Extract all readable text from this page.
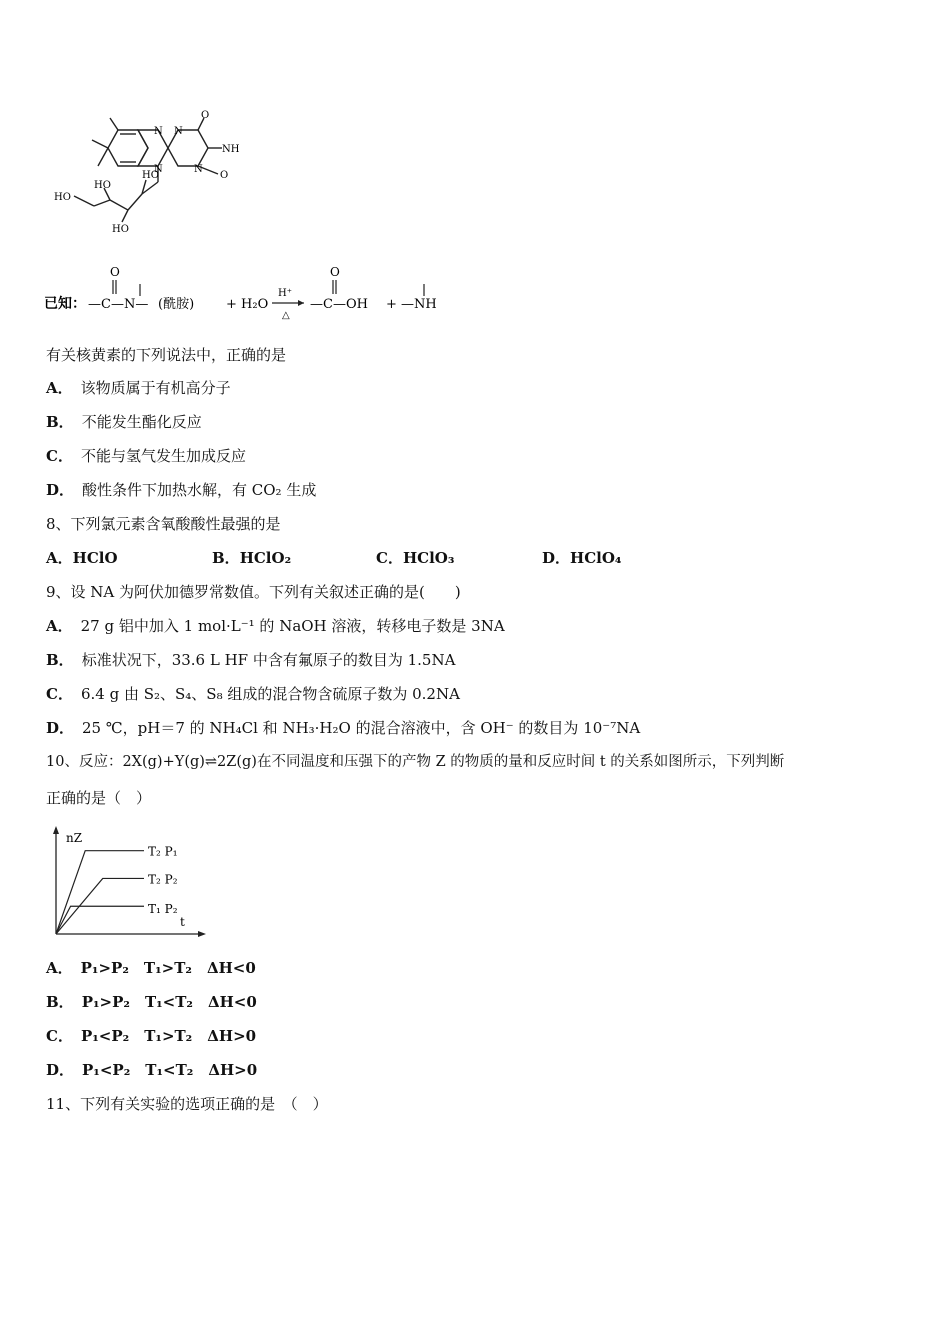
O
NH
N
N
N
N
O
HO
HO
HO
HO
已知：
O
—C—N— (酰胺) + H₂O
H⁺
△
O
—C—OH + —NH
有关核黄素的下列说法中，正确的是
A． 该物质属于有机高分子
B． 不能发生酯化反应
C． 不能与氢气发生加成反应
D． 酸性条件下加热水解，有 CO₂ 生成
8、下列氯元素含氧酸酸性最强的是
A．HClO	B．HClO₂	C．HClO₃	D．HClO₄
9、设 NA 为阿伏加德罗常数值。下列有关叙述正确的是(　　)
A． 27 g 铝中加入 1 mol·L⁻¹ 的 NaOH 溶液，转移电子数是 3NA
B． 标准状况下，33.6 L HF 中含有氟原子的数目为 1.5NA
C． 6.4 g 由 S₂、S₄、S₈ 组成的混合物含硫原子数为 0.2NA
D． 25 ℃，pH＝7 的 NH₄Cl 和 NH₃·H₂O 的混合溶液中，含 OH⁻ 的数目为 10⁻⁷NA
10、反应：2X(g)+Y(g)⇌2Z(g)在不同温度和压强下的产物 Z 的物质的量和反应时间 t 的关系如图所示，下列判断
正确的是（　）
nZ
t
T₂ P₁
T₂ P₂
T₁ P₂
A． P₁>P₂　T₁>T₂　ΔH<0
B． P₁>P₂　T₁<T₂　ΔH<0
C． P₁<P₂　T₁>T₂　ΔH>0
D． P₁<P₂　T₁<T₂　ΔH>0
11、下列有关实验的选项正确的是　（　）
